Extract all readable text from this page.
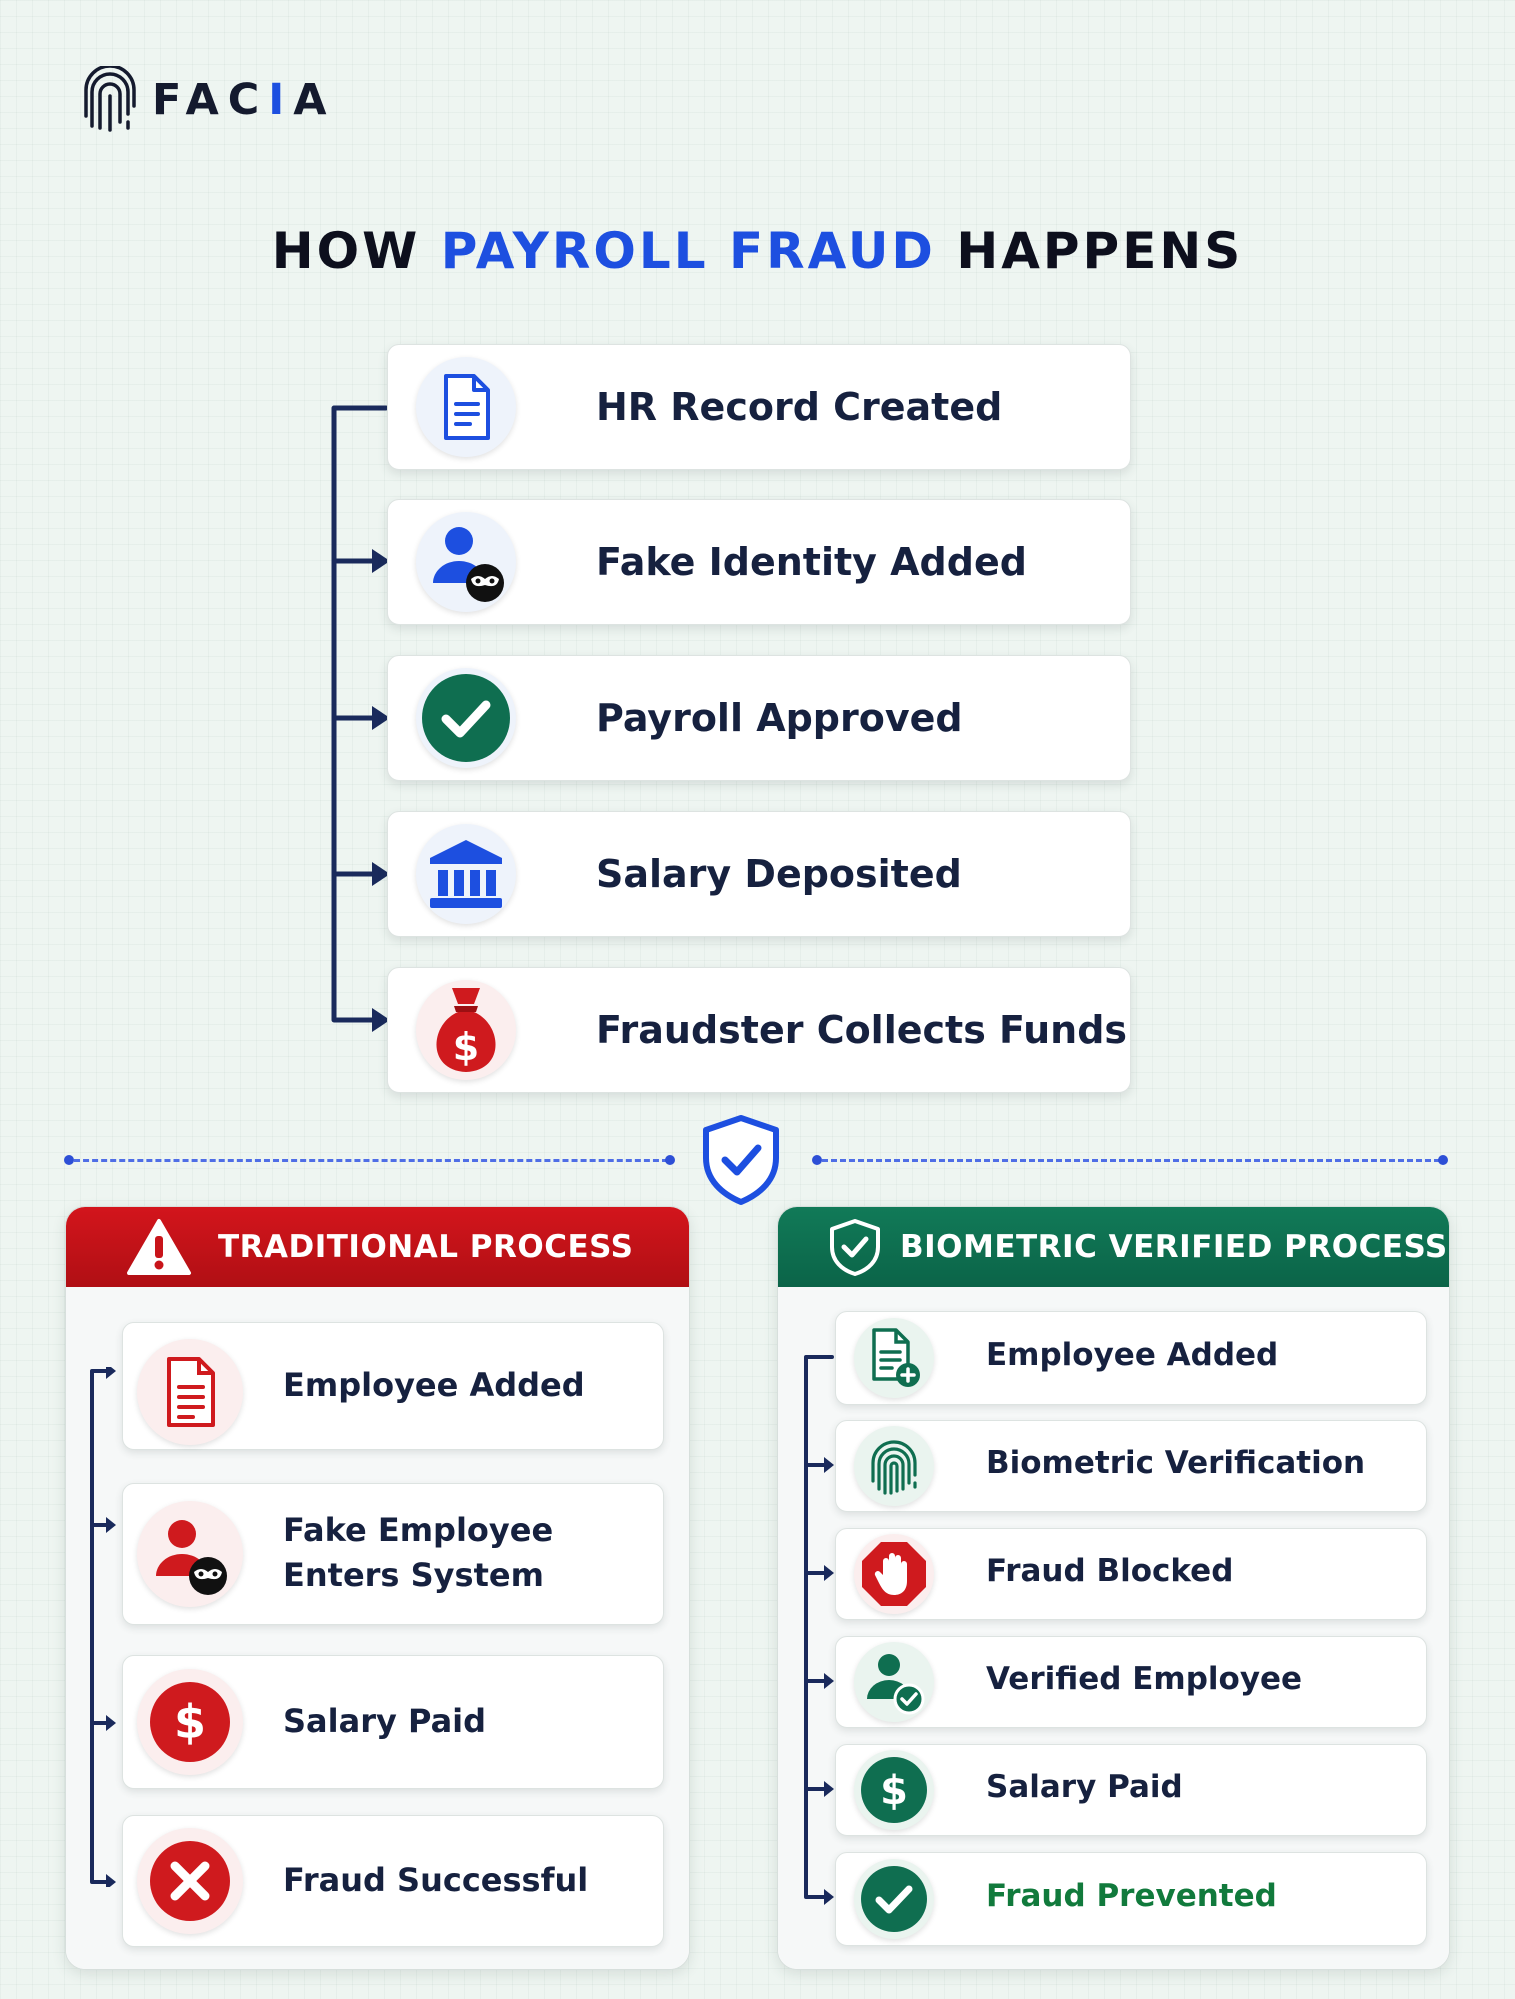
FACIA
HOW PAYROLL FRAUD HAPPENS
HR Record Created
Fake Identity Added
Payroll Approved
Salary Deposited
$	Fraudster Collects Funds
TRADITIONAL PROCESS
Employee Added
Fake Employee
Enters System
$ Salary Paid
Fraud Successful
BIOMETRIC VERIFIED PROCESS
Employee Added
Biometric Verification
Fraud Blocked
Verified Employee
$	Salary Paid
Fraud Prevented
